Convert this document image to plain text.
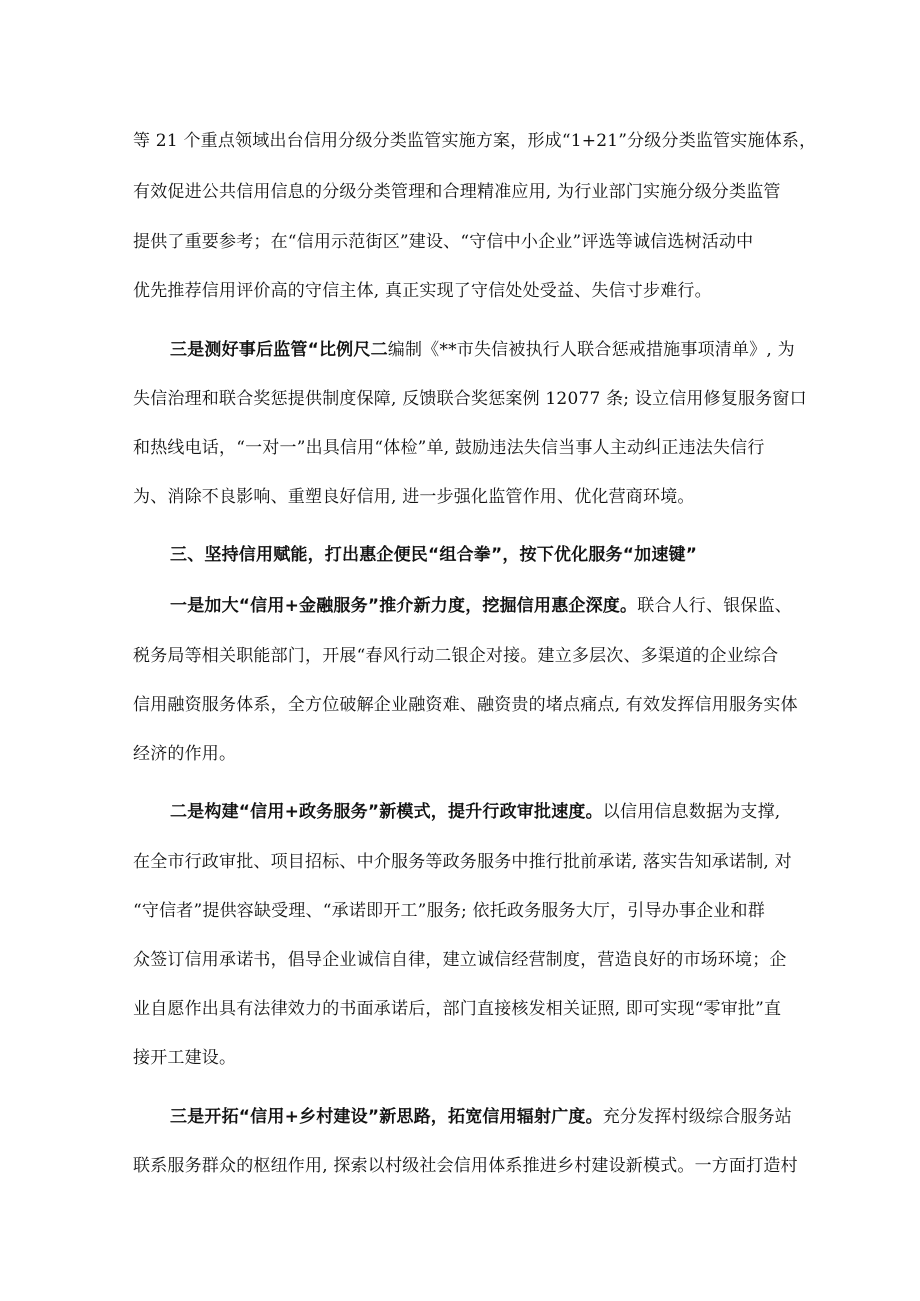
等 21 个重点领域出台信用分级分类监管实施方案，形成“1+21”分级分类监管实施体系，
有效促进公共信用信息的分级分类管理和合理精准应用, 为行业部门实施分级分类监管
提供了重要参考；在“信用示范街区”建设、“守信中小企业”评选等诚信选树活动中
优先推荐信用评价高的守信主体, 真正实现了守信处处受益、失信寸步难行。
三是测好事后监管“比例尺二编制《**市失信被执行人联合惩戒措施事项清单》, 为
失信治理和联合奖惩提供制度保障, 反馈联合奖惩案例 12077 条; 设立信用修复服务窗口
和热线电话，“一对一”出具信用“体检”单, 鼓励违法失信当事人主动纠正违法失信行
为、消除不良影响、重塑良好信用, 进一步强化监管作用、优化营商环境。
三、坚持信用赋能，打出惠企便民“组合拳”，按下优化服务“加速键”
一是加大“信用+金融服务”推介新力度，挖掘信用惠企深度。联合人行、银保监、
税务局等相关职能部门，开展“春风行动二银企对接。建立多层次、多渠道的企业综合
信用融资服务体系，全方位破解企业融资难、融资贵的堵点痛点, 有效发挥信用服务实体
经济的作用。
二是构建“信用+政务服务”新模式，提升行政审批速度。以信用信息数据为支撑,
在全市行政审批、项目招标、中介服务等政务服务中推行批前承诺, 落实告知承诺制, 对
“守信者”提供容缺受理、“承诺即开工”服务; 依托政务服务大厅，引导办事企业和群
众签订信用承诺书，倡导企业诚信自律，建立诚信经营制度，营造良好的市场环境；企
业自愿作出具有法律效力的书面承诺后，部门直接核发相关证照, 即可实现“零审批”直
接开工建设。
三是开拓“信用+乡村建设”新思路，拓宽信用辐射广度。充分发挥村级综合服务站
联系服务群众的枢纽作用, 探索以村级社会信用体系推进乡村建设新模式。一方面打造村
